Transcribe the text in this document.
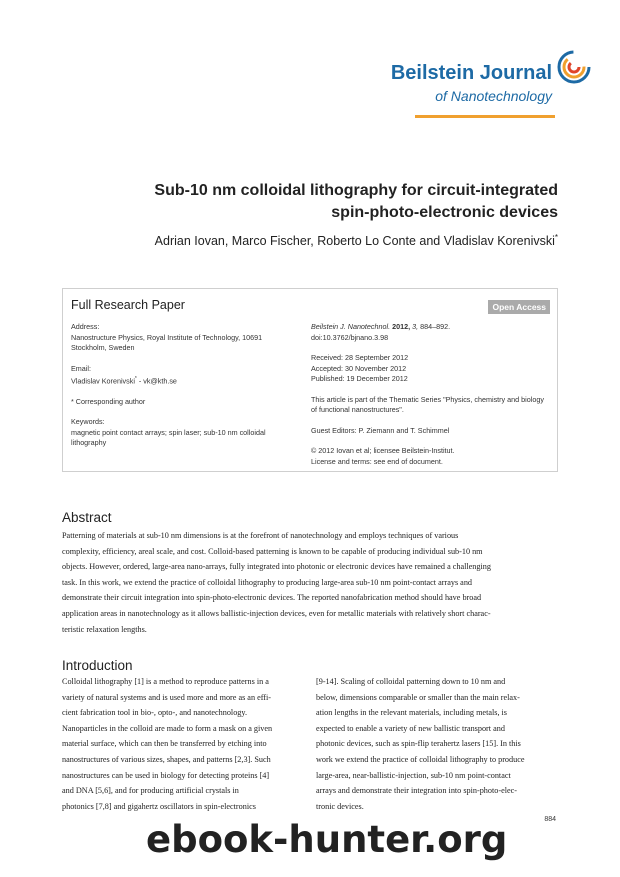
Beilstein Journal
of Nanotechnology
Sub-10 nm colloidal lithography for circuit-integrated
spin-photo-electronic devices
Adrian Iovan, Marco Fischer, Roberto Lo Conte and Vladislav Korenivski*
Full Research Paper	Open Access
Address:
Nanostructure Physics, Royal Institute of Technology, 10691
Stockholm, Sweden
Email:
Vladislav Korenivski* - vk@kth.se
* Corresponding author
Keywords:
magnetic point contact arrays; spin laser; sub-10 nm colloidal
lithography
Beilstein J. Nanotechnol. 2012, 3, 884–892.
doi:10.3762/bjnano.3.98
Received: 28 September 2012
Accepted: 30 November 2012
Published: 19 December 2012
This article is part of the Thematic Series "Physics, chemistry and biology
of functional nanostructures".
Guest Editors: P. Ziemann and T. Schimmel
© 2012 Iovan et al; licensee Beilstein-Institut.
License and terms: see end of document.
Abstract
Patterning of materials at sub-10 nm dimensions is at the forefront of nanotechnology and employs techniques of various
complexity, efficiency, areal scale, and cost. Colloid-based patterning is known to be capable of producing individual sub-10 nm
objects. However, ordered, large-area nano-arrays, fully integrated into photonic or electronic devices have remained a challenging
task. In this work, we extend the practice of colloidal lithography to producing large-area sub-10 nm point-contact arrays and
demonstrate their circuit integration into spin-photo-electronic devices. The reported nanofabrication method should have broad
application areas in nanotechnology as it allows ballistic-injection devices, even for metallic materials with relatively short charac-
teristic relaxation lengths.
Introduction
Colloidal lithography [1] is a method to reproduce patterns in a
variety of natural systems and is used more and more as an effi-
cient fabrication tool in bio-, opto-, and nanotechnology.
Nanoparticles in the colloid are made to form a mask on a given
material surface, which can then be transferred by etching into
nanostructures of various sizes, shapes, and patterns [2,3]. Such
nanostructures can be used in biology for detecting proteins [4]
and DNA [5,6], and for producing artificial crystals in
photonics [7,8] and gigahertz oscillators in spin-electronics
[9-14]. Scaling of colloidal patterning down to 10 nm and
below, dimensions comparable or smaller than the main relax-
ation lengths in the relevant materials, including metals, is
expected to enable a variety of new ballistic transport and
photonic devices, such as spin-flip terahertz lasers [15]. In this
work we extend the practice of colloidal lithography to produce
large-area, near-ballistic-injection, sub-10 nm point-contact
arrays and demonstrate their integration into spin-photo-elec-
tronic devices.
884
ebook-hunter.org
